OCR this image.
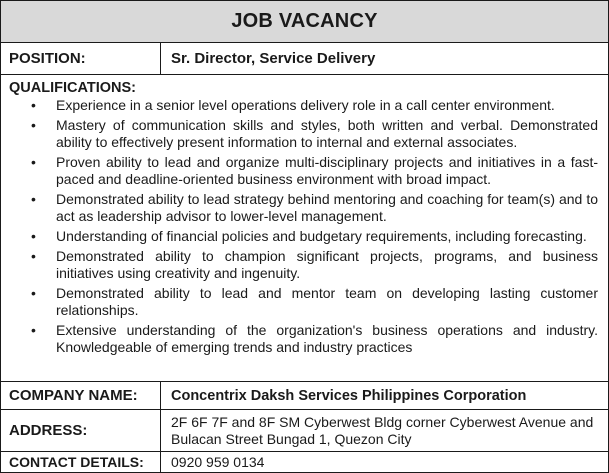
JOB VACANCY
POSITION:	Sr. Director, Service Delivery
QUALIFICATIONS:
• Experience in a senior level operations delivery role in a call center environment.
• Mastery of communication skills and styles, both written and verbal. Demonstrated ability to effectively present information to internal and external associates.
• Proven ability to lead and organize multi-disciplinary projects and initiatives in a fast-paced and deadline-oriented business environment with broad impact.
• Demonstrated ability to lead strategy behind mentoring and coaching for team(s) and to act as leadership advisor to lower-level management.
• Understanding of financial policies and budgetary requirements, including forecasting.
• Demonstrated ability to champion significant projects, programs, and business initiatives using creativity and ingenuity.
• Demonstrated ability to lead and mentor team on developing lasting customer relationships.
• Extensive understanding of the organization's business operations and industry. Knowledgeable of emerging trends and industry practices
COMPANY NAME:	Concentrix Daksh Services Philippines Corporation
ADDRESS:
2F 6F 7F and 8F SM Cyberwest Bldg corner Cyberwest Avenue and Bulacan Street Bungad 1, Quezon City
CONTACT DETAILS:	0920 959 0134
